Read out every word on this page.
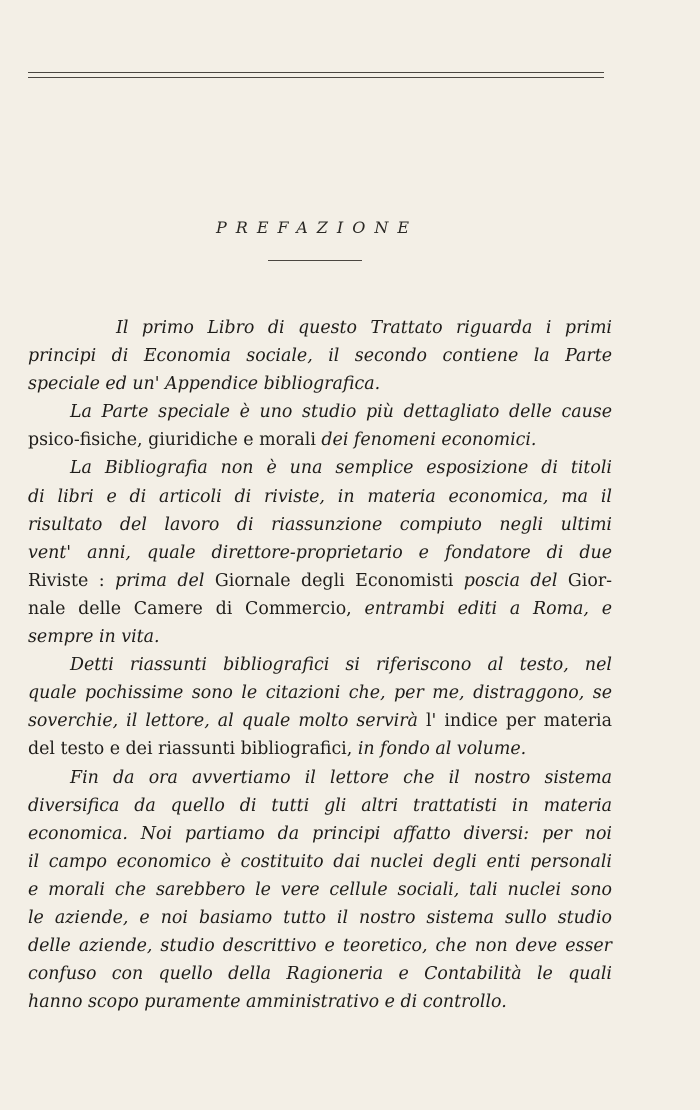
PREFAZIONE
Il primo Libro di questo Trattato riguarda i primi
principi di Economia sociale, il secondo contiene la Parte
speciale ed un' Appendice bibliografica.
La Parte speciale è uno studio più dettagliato delle cause
psico-fisiche, giuridiche e morali dei fenomeni economici.
La Bibliografia non è una semplice esposizione di titoli
di libri e di articoli di riviste, in materia economica, ma il
risultato del lavoro di riassunzione compiuto negli ultimi
vent' anni, quale direttore-proprietario e fondatore di due
Riviste : prima del Giornale degli Economisti poscia del Gior-
nale delle Camere di Commercio, entrambi editi a Roma, e
sempre in vita.
Detti riassunti bibliografici si riferiscono al testo, nel
quale pochissime sono le citazioni che, per me, distraggono, se
soverchie, il lettore, al quale molto servirà l' indice per materia
del testo e dei riassunti bibliografici, in fondo al volume.
Fin da ora avvertiamo il lettore che il nostro sistema
diversifica da quello di tutti gli altri trattatisti in materia
economica. Noi partiamo da principi affatto diversi: per noi
il campo economico è costituito dai nuclei degli enti personali
e morali che sarebbero le vere cellule sociali, tali nuclei sono
le aziende, e noi basiamo tutto il nostro sistema sullo studio
delle aziende, studio descrittivo e teoretico, che non deve esser
confuso con quello della Ragioneria e Contabilità le quali
hanno scopo puramente amministrativo e di controllo.
